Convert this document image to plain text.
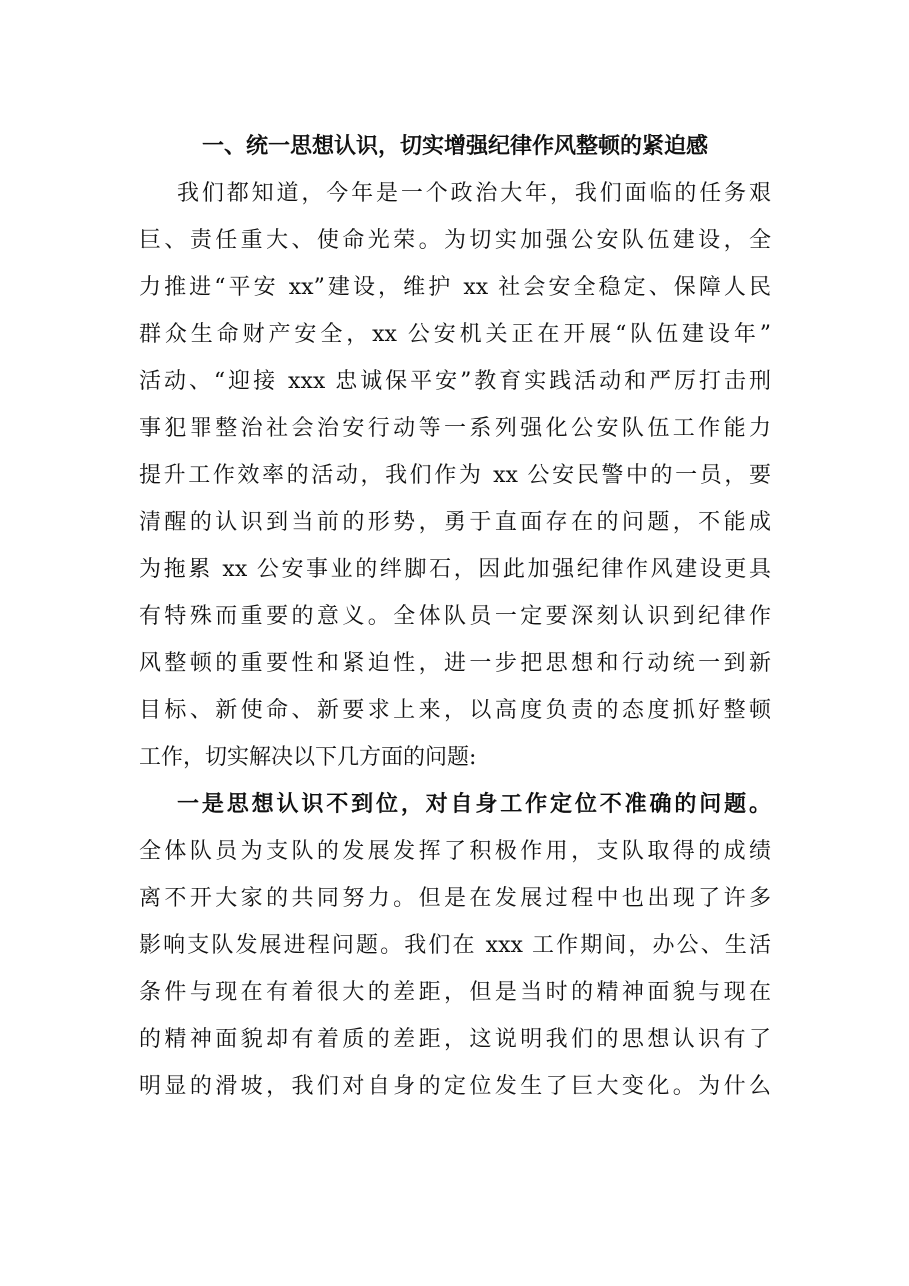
一、统一思想认识，切实增强纪律作风整顿的紧迫感

我们都知道，今年是一个政治大年，我们面临的任务艰

巨、责任重大、使命光荣。为切实加强公安队伍建设，全

力推进“平安 xx”建设，维护 xx 社会安全稳定、保障人民

群众生命财产安全，xx 公安机关正在开展“队伍建设年”

活动、“迎接 xxx 忠诚保平安”教育实践活动和严厉打击刑

事犯罪整治社会治安行动等一系列强化公安队伍工作能力

提升工作效率的活动，我们作为 xx 公安民警中的一员，要

清醒的认识到当前的形势，勇于直面存在的问题，不能成

为拖累 xx 公安事业的绊脚石，因此加强纪律作风建设更具

有特殊而重要的意义。全体队员一定要深刻认识到纪律作

风整顿的重要性和紧迫性，进一步把思想和行动统一到新

目标、新使命、新要求上来，以高度负责的态度抓好整顿

工作，切实解决以下几方面的问题:

一是思想认识不到位，对自身工作定位不准确的问题。

全体队员为支队的发展发挥了积极作用，支队取得的成绩

离不开大家的共同努力。但是在发展过程中也出现了许多

影响支队发展进程问题。我们在 xxx 工作期间，办公、生活

条件与现在有着很大的差距，但是当时的精神面貌与现在

的精神面貌却有着质的差距，这说明我们的思想认识有了

明显的滑坡，我们对自身的定位发生了巨大变化。为什么
